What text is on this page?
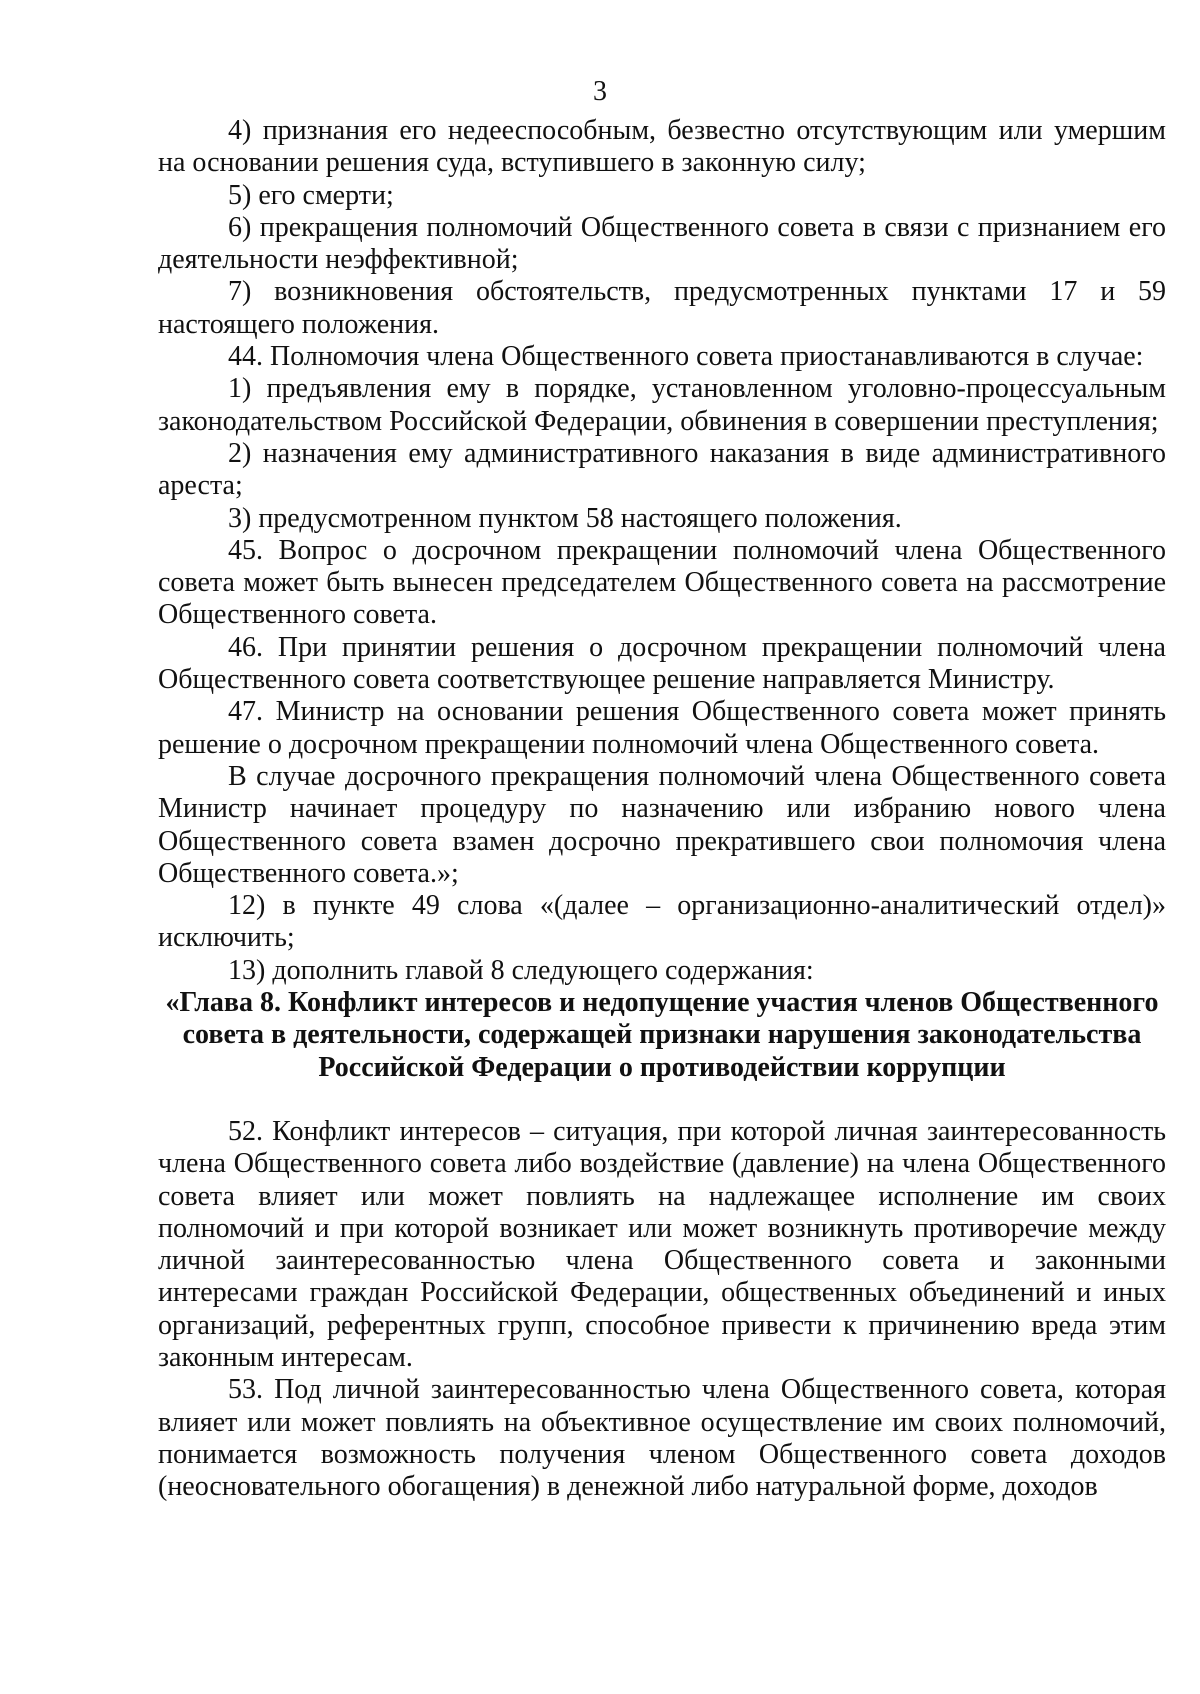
3

4) признания его недееспособным, безвестно отсутствующим или умершим на основании решения суда, вступившего в законную силу;

5) его смерти;

6) прекращения полномочий Общественного совета в связи с признанием его деятельности неэффективной;

7) возникновения обстоятельств, предусмотренных пунктами 17 и 59 настоящего положения.

44. Полномочия члена Общественного совета приостанавливаются в случае:

1) предъявления ему в порядке, установленном уголовно-процессуальным законодательством Российской Федерации, обвинения в совершении преступления;

2) назначения ему административного наказания в виде административного ареста;

3) предусмотренном пунктом 58 настоящего положения.

45. Вопрос о досрочном прекращении полномочий члена Общественного совета может быть вынесен председателем Общественного совета на рассмотрение Общественного совета.

46. При принятии решения о досрочном прекращении полномочий члена Общественного совета соответствующее решение направляется Министру.

47. Министр на основании решения Общественного совета может принять решение о досрочном прекращении полномочий члена Общественного совета.

В случае досрочного прекращения полномочий члена Общественного совета Министр начинает процедуру по назначению или избранию нового члена Общественного совета взамен досрочно прекратившего свои полномочия члена Общественного совета.»;

12) в пункте 49 слова «(далее – организационно-аналитический отдел)» исключить;

13) дополнить главой 8 следующего содержания:

«Глава 8. Конфликт интересов и недопущение участия членов Общественного совета в деятельности, содержащей признаки нарушения законодательства Российской Федерации о противодействии коррупции

52. Конфликт интересов – ситуация, при которой личная заинтересованность члена Общественного совета либо воздействие (давление) на члена Общественного совета влияет или может повлиять на надлежащее исполнение им своих полномочий и при которой возникает или может возникнуть противоречие между личной заинтересованностью члена Общественного совета и законными интересами граждан Российской Федерации, общественных объединений и иных организаций, референтных групп, способное привести к причинению вреда этим законным интересам.

53. Под личной заинтересованностью члена Общественного совета, которая влияет или может повлиять на объективное осуществление им своих полномочий, понимается возможность получения членом Общественного совета доходов (неосновательного обогащения) в денежной либо натуральной форме, доходов
